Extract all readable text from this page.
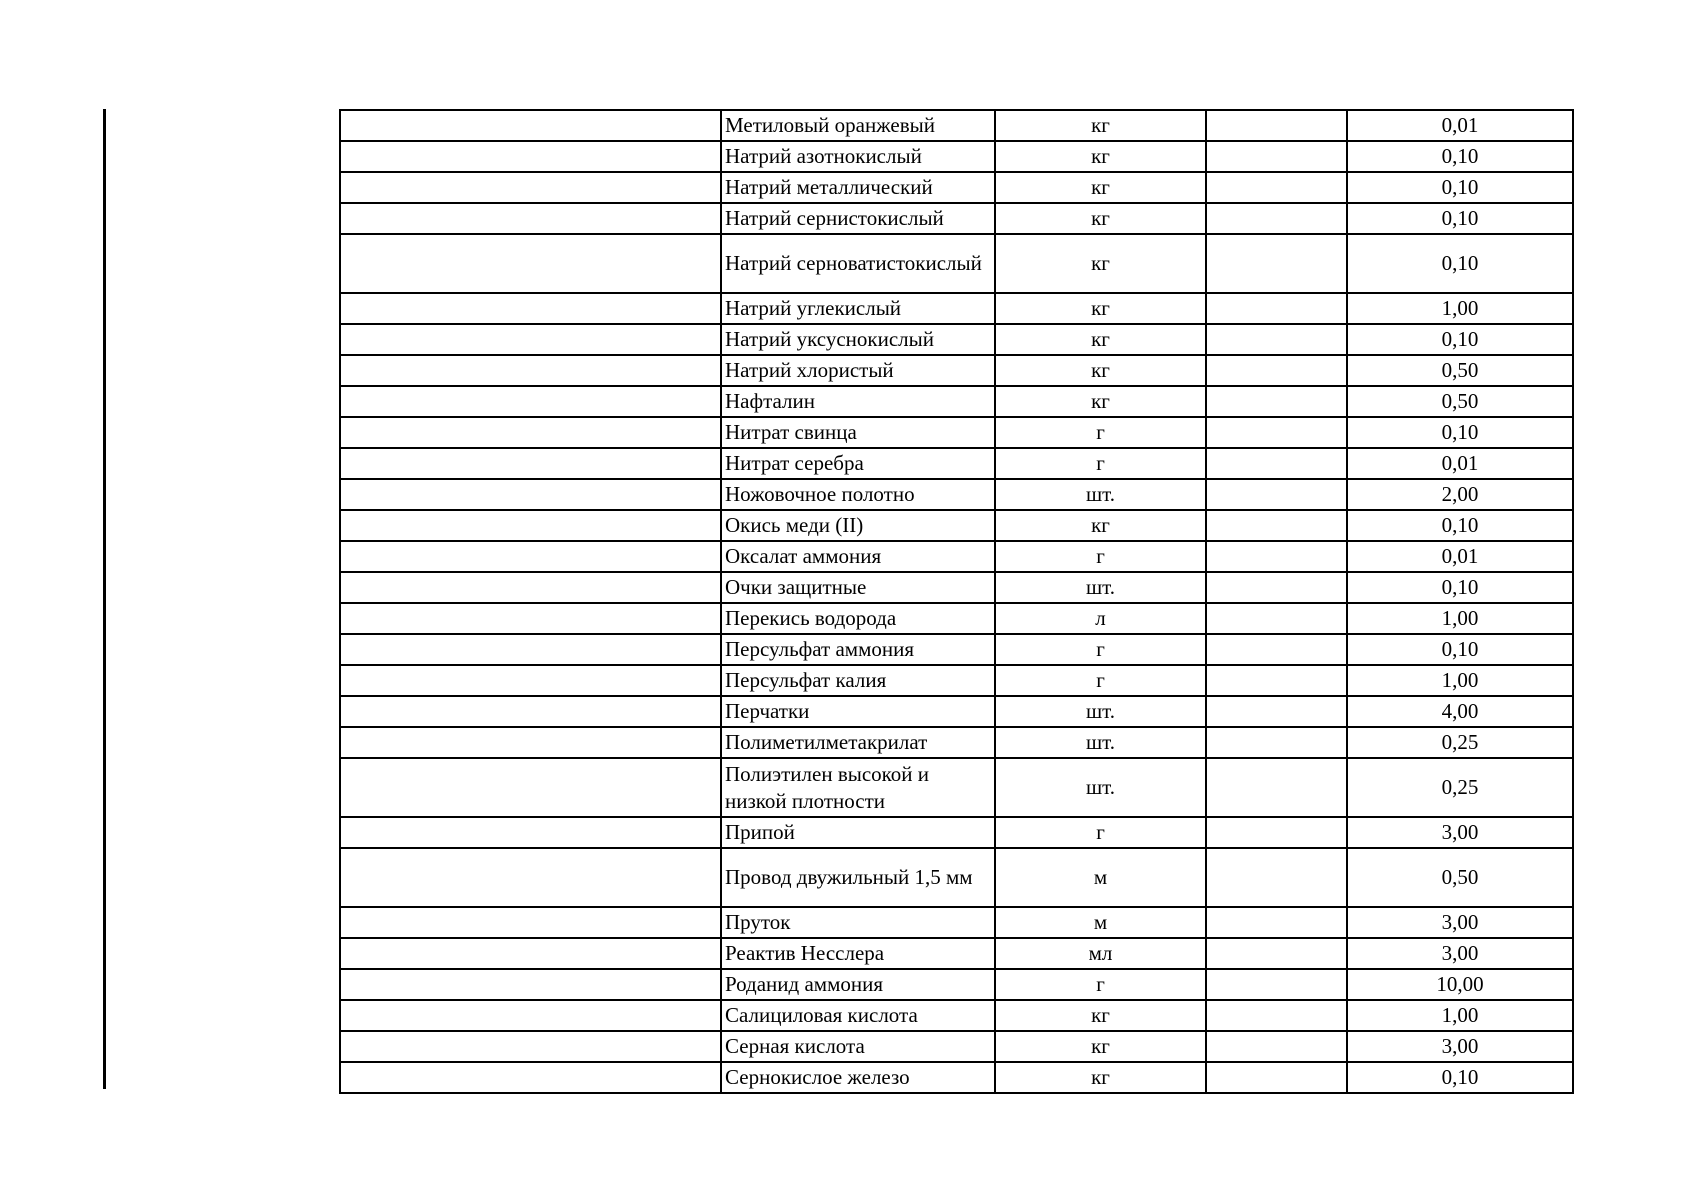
	Метиловый оранжевый	кг		0,01
	Натрий азотнокислый	кг		0,10
	Натрий металлический	кг		0,10
	Натрий сернистокислый	кг		0,10
	Натрий серноватистокислый	кг		0,10
	Натрий углекислый	кг		1,00
	Натрий уксуснокислый	кг		0,10
	Натрий хлористый	кг		0,50
	Нафталин	кг		0,50
	Нитрат свинца	г		0,10
	Нитрат серебра	г		0,01
	Ножовочное полотно	шт.		2,00
	Окись меди (II)	кг		0,10
	Оксалат аммония	г		0,01
	Очки защитные	шт.		0,10
	Перекись водорода	л		1,00
	Персульфат аммония	г		0,10
	Персульфат калия	г		1,00
	Перчатки	шт.		4,00
	Полиметилметакрилат	шт.		0,25
	Полиэтилен высокой и низкой плотности	шт.		0,25
	Припой	г		3,00
	Провод двужильный 1,5 мм	м		0,50
	Пруток	м		3,00
	Реактив Несслера	мл		3,00
	Роданид аммония	г		10,00
	Салициловая кислота	кг		1,00
	Серная кислота	кг		3,00
	Сернокислое железо	кг		0,10
